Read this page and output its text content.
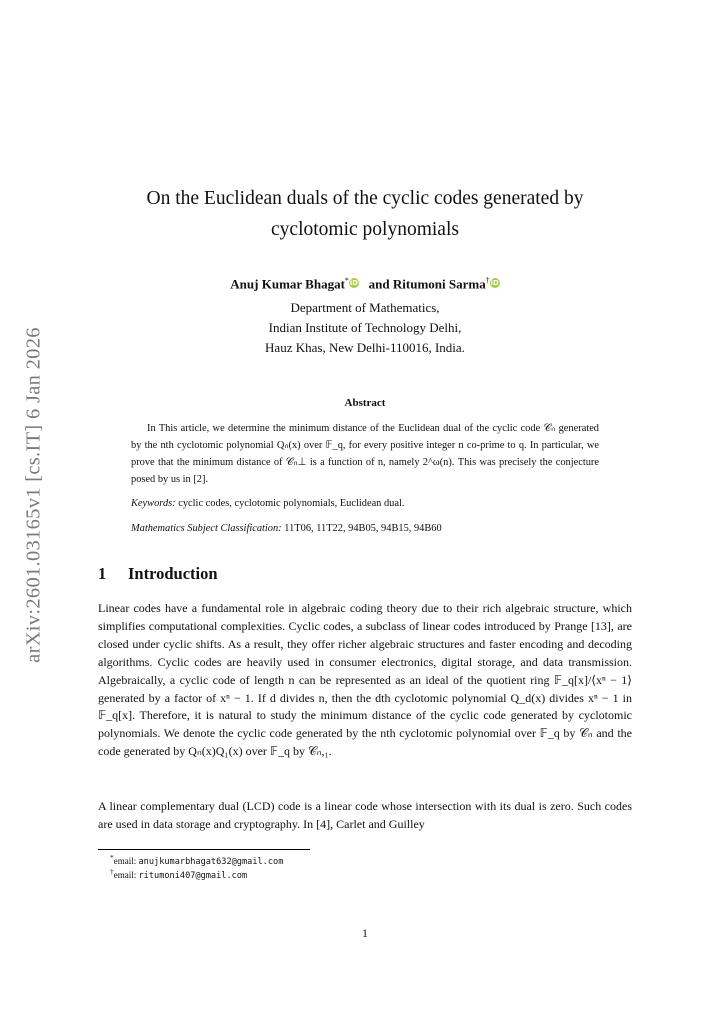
arXiv:2601.03165v1 [cs.IT] 6 Jan 2026
On the Euclidean duals of the cyclic codes generated by
cyclotomic polynomials
Anuj Kumar Bhagat*iD and Ritumoni Sarma†iD
Department of Mathematics,
Indian Institute of Technology Delhi,
Hauz Khas, New Delhi-110016, India.
Abstract

In This article, we determine the minimum distance of the Euclidean dual of the cyclic code 𝒞ₙ generated by the nth cyclotomic polynomial Qₙ(x) over 𝔽_q, for every positive integer n co-prime to q. In particular, we prove that the minimum distance of 𝒞ₙ⊥ is a function of n, namely 2^ω(n). This was precisely the conjecture posed by us in [2].

Keywords: cyclic codes, cyclotomic polynomials, Euclidean dual.
Mathematics Subject Classification: 11T06, 11T22, 94B05, 94B15, 94B60
1 Introduction

Linear codes have a fundamental role in algebraic coding theory due to their rich algebraic structure, which simplifies computational complexities. Cyclic codes, a subclass of linear codes introduced by Prange [13], are closed under cyclic shifts. As a result, they offer richer algebraic structures and faster encoding and decoding algorithms. Cyclic codes are heavily used in consumer electronics, digital storage, and data transmission. Algebraically, a cyclic code of length n can be represented as an ideal of the quotient ring 𝔽_q[x]/⟨xⁿ − 1⟩ generated by a factor of xⁿ − 1. If d divides n, then the dth cyclotomic polynomial Q_d(x) divides xⁿ − 1 in 𝔽_q[x]. Therefore, it is natural to study the minimum distance of the cyclic code generated by cyclotomic polynomials. We denote the cyclic code generated by the nth cyclotomic polynomial over 𝔽_q by 𝒞ₙ and the code generated by Qₙ(x)Q₁(x) over 𝔽_q by 𝒞ₙ,₁.

A linear complementary dual (LCD) code is a linear code whose intersection with its dual is zero. Such codes are used in data storage and cryptography. In [4], Carlet and Guilley

*email: anujkumarbhagat632@gmail.com
†email: ritumoni407@gmail.com
1
